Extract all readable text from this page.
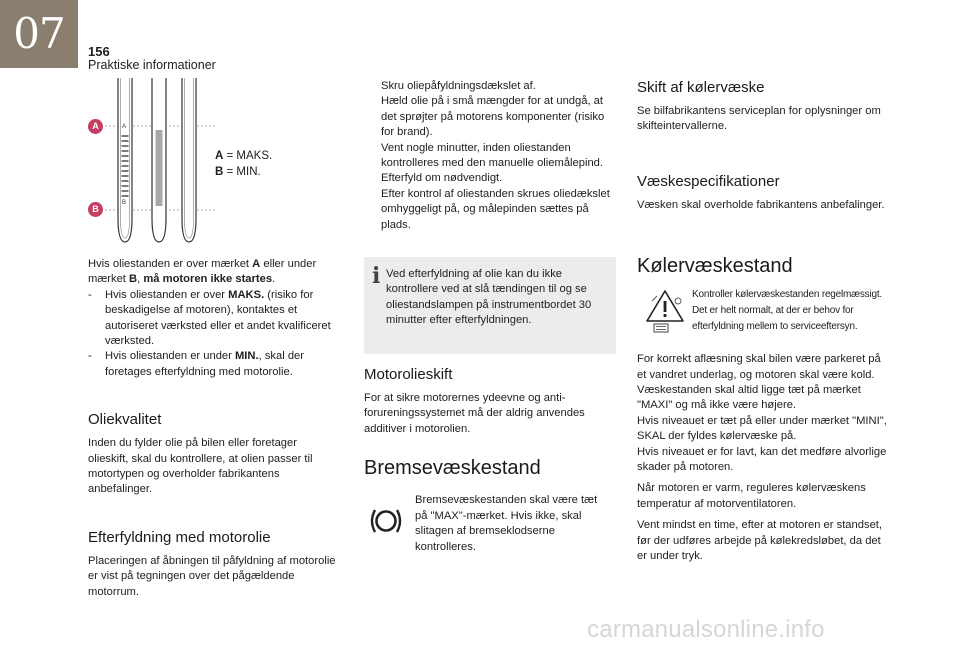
07	156
Praktiske informationer
A
B
A
B
A = MAKS.
B = MIN.

Hvis oliestanden er over mærket A eller under mærket B, må motoren ikke startes.

- Hvis oliestanden er over MAKS. (risiko for beskadigelse af motoren), kontaktes et autoriseret værksted eller et andet kvalificeret værksted.
- Hvis oliestanden er under MIN., skal der foretages efterfyldning med motorolie.
Oliekvalitet

Inden du fylder olie på bilen eller foretager olieskift, skal du kontrollere, at olien passer til motortypen og overholder fabrikantens anbefalinger.

Efterfyldning med motorolie

Placeringen af åbningen til påfyldning af motorolie er vist på tegningen over det pågældende motorrum.

Skru oliepåfyldningsdækslet af.
Hæld olie på i små mængder for at undgå, at det sprøjter på motorens komponenter (risiko for brand).
Vent nogle minutter, inden oliestanden kontrolleres med den manuelle oliemålepind.
Efterfyld om nødvendigt.
Efter kontrol af oliestanden skrues oliedækslet omhyggeligt på, og målepinden sættes på plads.
i Ved efterfyldning af olie kan du ikke kontrollere ved at slå tændingen til og se oliestandslampen på instrumentbordet 30 minutter efter efterfyldningen.

Motorolieskift

For at sikre motorernes ydeevne og anti-forureningssystemet må der aldrig anvendes additiver i motorolien.

Bremsevæskestand

Bremsevæskestanden skal være tæt på "MAX"-mærket. Hvis ikke, skal slitagen af bremseklodserne kontrolleres.

Skift af kølervæske

Se bilfabrikantens serviceplan for oplysninger om skifteintervallerne.

Væskespecifikationer

Væsken skal overholde fabrikantens anbefalinger.

Kølervæskestand

Kontroller kølervæskestanden regelmæssigt.

Det er helt normalt, at der er behov for efterfyldning mellem to serviceeftersyn.

For korrekt aflæsning skal bilen være parkeret på et vandret underlag, og motoren skal være kold.

Væskestanden skal altid ligge tæt på mærket "MAXI" og må ikke være højere.

Hvis niveauet er tæt på eller under mærket "MINI", SKAL der fyldes kølervæske på.

Hvis niveauet er for lavt, kan det medføre alvorlige skader på motoren.

Når motoren er varm, reguleres kølervæskens temperatur af motorventilatoren.

Vent mindst en time, efter at motoren er standset, før der udføres arbejde på kølekredsløbet, da det er under tryk.

carmanualsonline.info
